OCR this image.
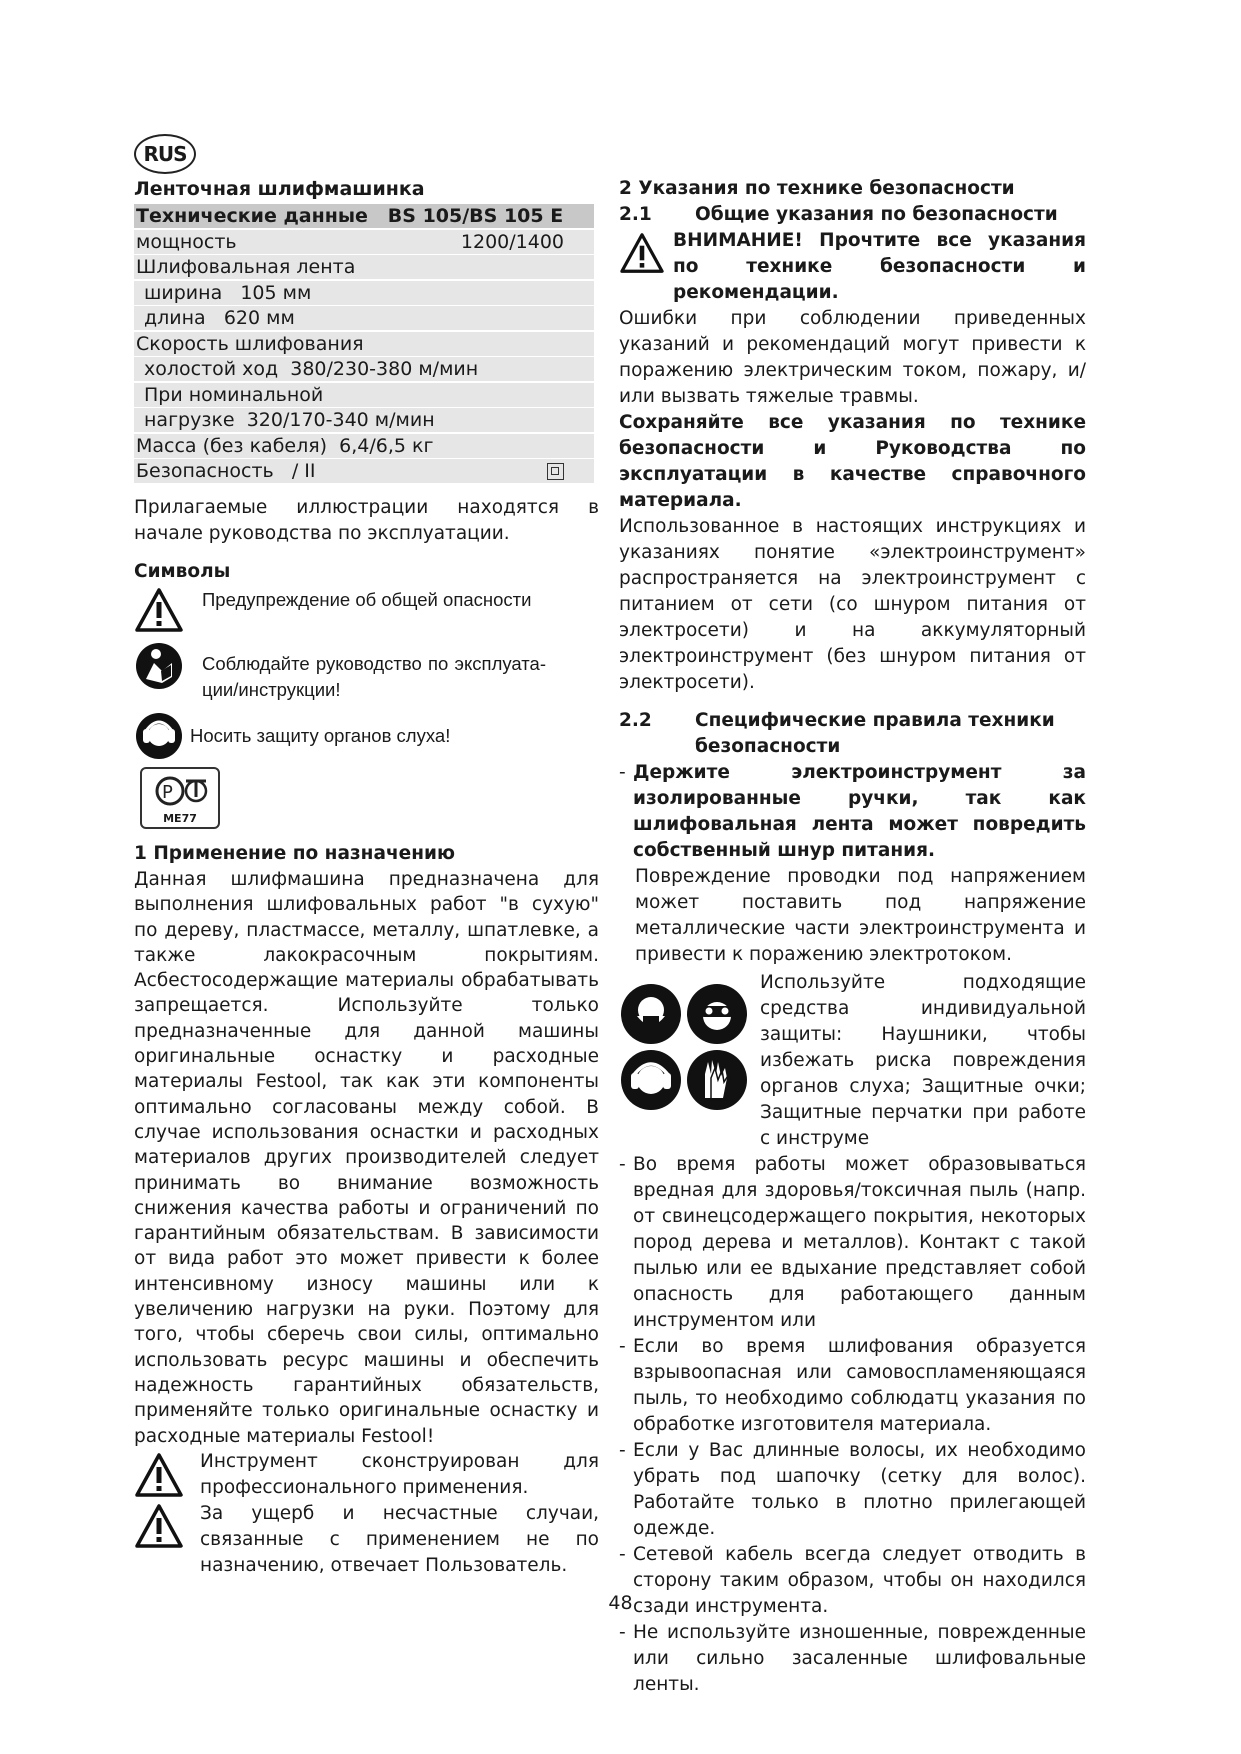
RUS
Ленточная шлифмашинка
Технические данные BS 105/BS 105 E
мощность	1200/1400
Шлифовальная лента
ширина   105 мм
длина   620 мм
Скорость шлифования
холостой ход  380/230-380 м/мин
При номинальной
нагрузке  320/170-340 м/мин
Масса (без кабеля)  6,4/6,5 кг
Безопасность   / II

Прилагаемые иллюстрации находятся в начале руководства по эксплуатации.

Символы
Предупреждение об общей опасности
Соблюдайте руководство по эксплуата-ции/инструкции!
Носить защиту органов слуха!
P
ME77
1 Применение по назначению

Данная шлифмашина предназначена для выполнения шлифовальных работ "в сухую" по дереву, пластмассе, металлу, шпатлевке, а также лакокрасочным покрытиям. Асбестосодержащие материалы обрабатывать запрещается. Используйте только предназначенные для данной машины оригинальные оснастку и расходные материалы Festool, так как эти компоненты оптимально согласованы между собой. В случае использования оснастки и расходных материалов других производителей следует принимать во внимание возможность снижения качества работы и ограничений по гарантийным обязательствам. В зависимости от вида работ это может привести к более интенсивному износу машины или к увеличению нагрузки на руки. Поэтому для того, чтобы сберечь свои силы, оптимально использовать ресурс машины и обеспечить надежность гарантийных обязательств, применяйте только оригинальные оснастку и расходные материалы Festool!

Инструмент сконструирован для профессионального применения.
За ущерб и несчастные случаи, связанные с применением не по назначению, отвечает Пользователь.
2 Указания по технике безопасности
2.1	Общие указания по безопасности
ВНИМАНИЕ! Прочтите все указания по технике безопасности и рекомендации.

Ошибки при соблюдении приведенных указаний и рекомендаций могут привести к поражению электрическим током, пожару, и/или вызвать тяжелые травмы.

Сохраняйте все указания по технике безопасности и Руководства по эксплуатации в качестве справочного материала.

Использованное в настоящих инструкциях и указаниях понятие «электроинструмент» распространяется на электроинструмент с питанием от сети (со шнуром питания от электросети) и на аккумуляторный электроинструмент (без шнуром питания от электросети).

2.2	Специфические правила техники безопасности
- Держите электроинструмент за изолированные ручки, так как шлифовальная лента может повредить собственный шнур питания.

Повреждение проводки под напряжением может поставить под напряжение металлические части электроинструмента и привести к поражению электротоком.

Используйте подходящие средства индивидуальной защиты: Наушники, чтобы избежать риска повреждения органов слуха; Защитные очки; Защитные перчатки при работе с инструме
- Во время работы может образовываться вредная для здоровья/токсичная пыль (напр. от свинецсодержащего покрытия, некоторых пород дерева и металлов). Контакт с такой пылью или ее вдыхание представляет собой опасность для работающего данным инструментом или
- Если во время шлифования образуется взрывоопасная или самовоспламеняющаяся пыль, то необходимо соблюдатц указания по обработке изготовителя материала.
- Если у Вас длинные волосы, их необходимо убрать под шапочку (сетку для волос). Работайте только в плотно прилегающей одежде.
- Сетевой кабель всегда следует отводить в сторону таким образом, чтобы он находился сзади инструмента.
- Не используйте изношенные, поврежденные или сильно засаленные шлифовальные ленты.
48
